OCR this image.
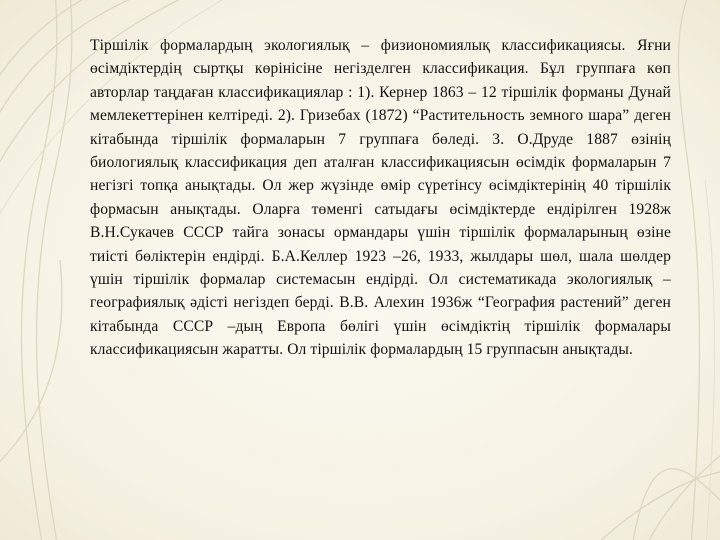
Тіршілік формалардың экологиялық – физиономиялық классификациясы. Яғни өсімдіктердің сыртқы көрінісіне негізделген классификация. Бұл группаға көп авторлар таңдаған классификациялар : 1). Кернер 1863 – 12 тіршілік форманы Дунай мемлекеттерінен келтіреді. 2). Гризебах (1872) “Растительность земного шара” деген кітабында тіршілік формаларын 7 группаға бөледі. 3. О.Друде 1887 өзінің биологиялық классификация деп аталған классификациясын өсімдік формаларын 7 негізгі топқа анықтады. Ол жер жүзінде өмір сүретінсу өсімдіктерінің 40 тіршілік формасын анықтады. Оларға төменгі сатыдағы өсімдіктерде ендірілген 1928ж В.Н.Сукачев СССР тайга зонасы ормандары үшін тіршілік формаларының өзіне тиісті бөліктерін ендірді. Б.А.Келлер 1923 –26, 1933, жылдары шөл, шала шөлдер үшін тіршілік формалар системасын ендірді. Ол систематикада экологиялық – географиялық әдісті негіздеп берді. В.В. Алехин 1936ж “География растений” деген кітабында СССР –дың Европа бөлігі үшін өсімдіктің тіршілік формалары классификациясын жаратты. Ол тіршілік формалардың 15 группасын анықтады.
